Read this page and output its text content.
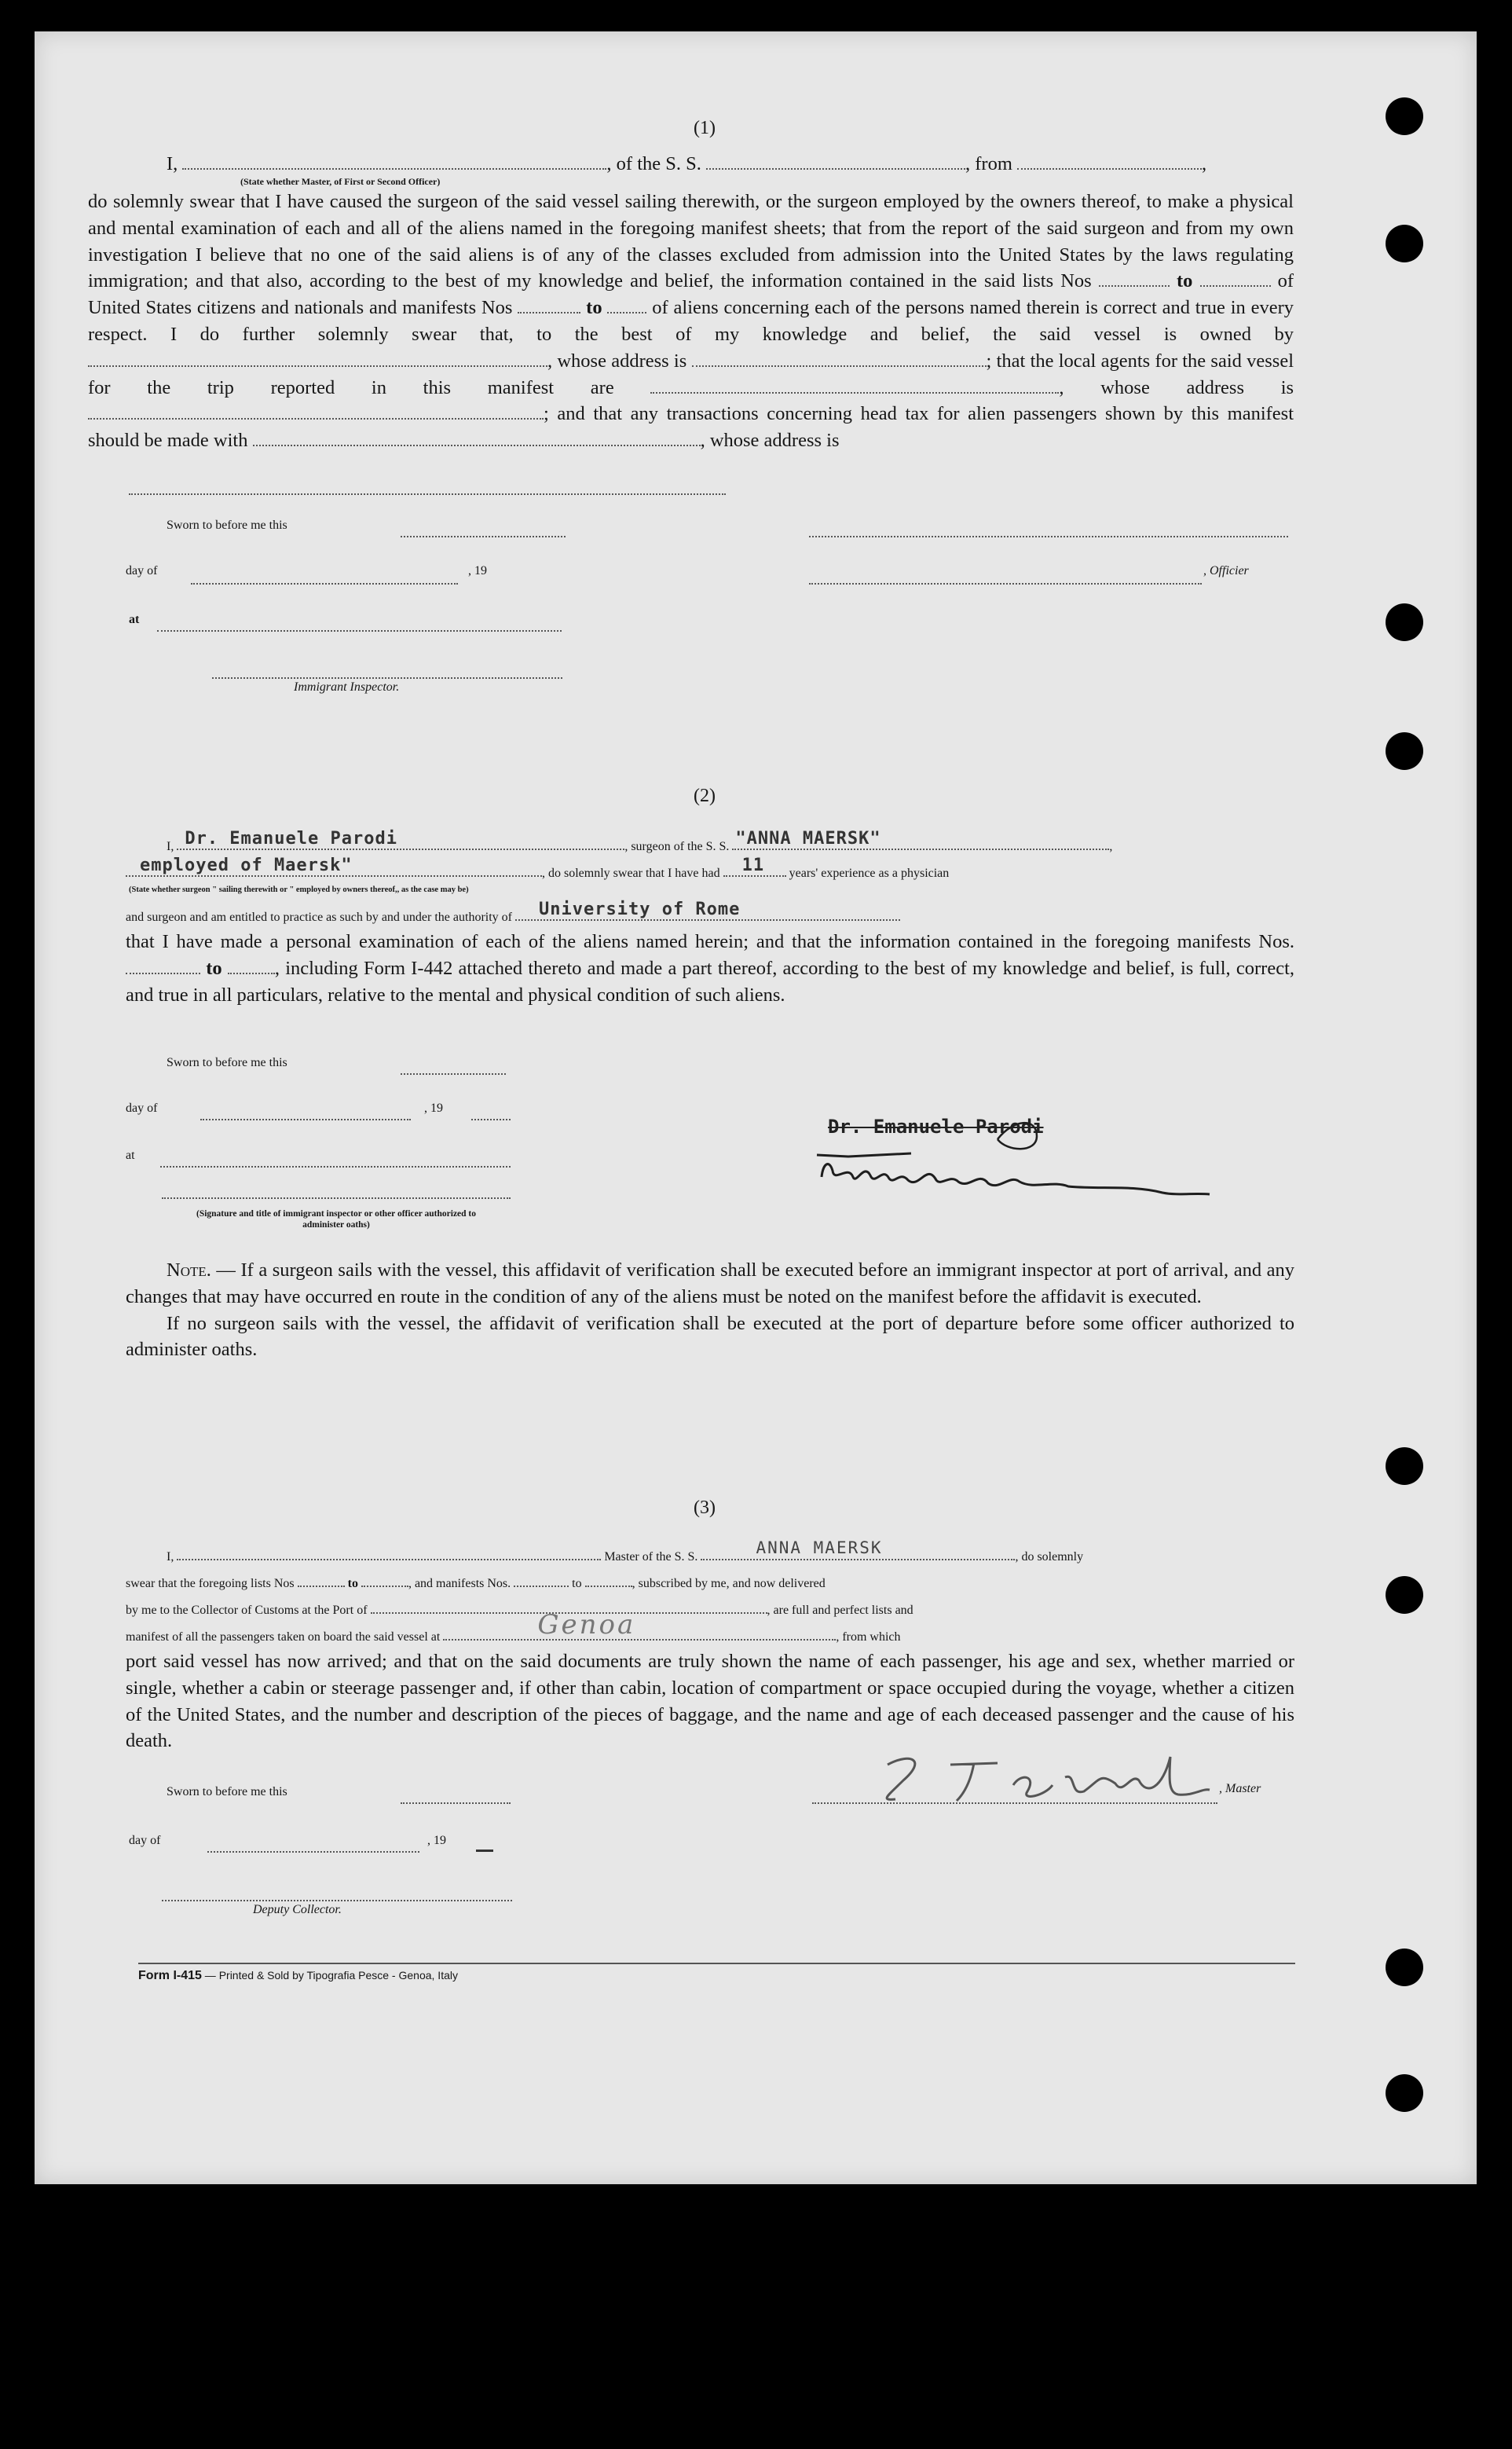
(1)
I,	, of the S. S.	, from	,
(State whether Master, of First or Second Officer)
do solemnly swear that I have caused the surgeon of the said vessel sailing therewith, or the surgeon employed by the owners thereof, to make a physical and mental examination of each and all of the aliens named in the foregoing manifest sheets; that from the report of the said surgeon and from my own investigation I believe that no one of the said aliens is of any of the classes excluded from admission into the United States by the laws regulating immigration; and that also, according to the best of my knowledge and belief, the information contained in the said lists Nos	to	of United States citizens and nationals and manifests Nos	to	of aliens concerning each of the persons named therein is correct and true in every respect. I do further solemnly swear that, to the best of my knowledge and belief, the said vessel is owned by , whose address is	; that the local agents for the said vessel for the trip reported in this manifest are	, whose address is ; and that any transactions concerning head tax for alien passengers shown by this manifest should be made with	, whose address is
Sworn to before me this
day of	, 19	, Officier
at
Immigrant Inspector.
(2)
I, Dr. Emanuele Parodi	, surgeon of the S. S. "ANNA MAERSK"	,
employed of Maersk"	, do solemnly swear that I have had 11 years' experience as a physician
(State whether surgeon " sailing therewith or " employed by owners thereof,, as the case may be)
and surgeon and am entitled to practice as such by and under the authority of University of Rome
that I have made a personal examination of each of the aliens named herein; and that the information contained in the foregoing manifests Nos.  to	, including Form I-442 attached thereto and made a part thereof, according to the best of my knowledge and belief, is full, correct, and true in all particulars, relative to the mental and physical condition of such aliens.
Sworn to before me this
day of	, 19
at
(Signature and title of immigrant inspector or other officer authorized to administer oaths)
Dr. Emanuele Parodi

Note. — If a surgeon sails with the vessel, this affidavit of verification shall be executed before an immigrant inspector at port of arrival, and any changes that may have occurred en route in the condition of any of the aliens must be noted on the manifest before the affidavit is executed.

If no surgeon sails with the vessel, the affidavit of verification shall be executed at the port of departure before some officer authorized to administer oaths.

(3)
I,	Master of the S. S.	ANNA MAERSK	, do solemnly
swear that the foregoing lists Nos	to	, and manifests Nos.	to	, subscribed by me, and now delivered
by me to the Collector of Customs at the Port of	, are full and perfect lists and
manifest of all the passengers taken on board the said vessel at	Genoa	, from which
port said vessel has now arrived; and that on the said documents are truly shown the name of each passenger, his age and sex, whether married or single, whether a cabin or steerage passenger and, if other than cabin, location of compartment or space occupied during the voyage, whether a citizen of the United States, and the number and description of the pieces of baggage, and the name and age of each deceased passenger and the cause of his death.
Sworn to before me this	, Master
day of	, 19
Deputy Collector.
Form I-415 — Printed & Sold by Tipografia Pesce - Genoa, Italy
